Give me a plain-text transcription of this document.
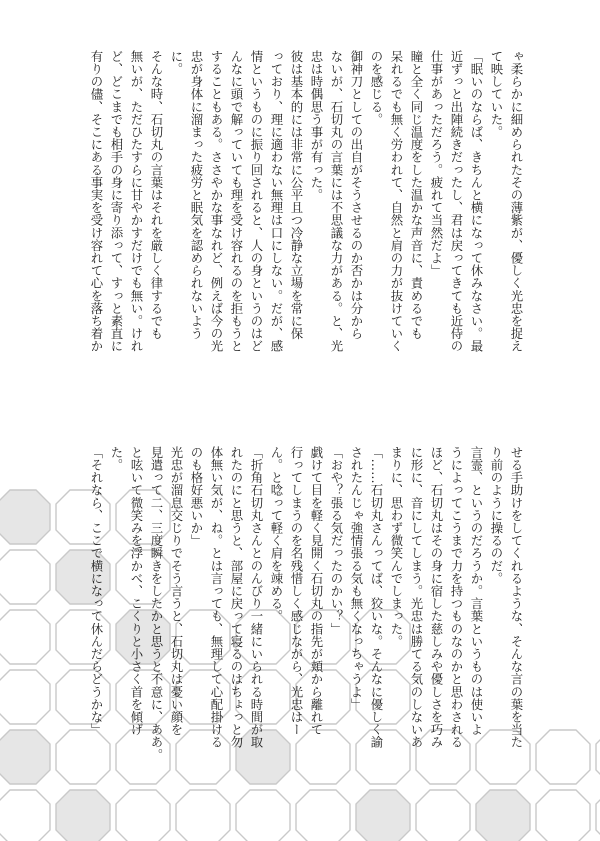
ゃ柔らかに細められたその薄紫が、優しく光忠を捉え
て映していた。
「眠いのならば、きちんと横になって休みなさい。最
近ずっと出陣続きだったし、君は戻ってきても近侍の
仕事があっただろう。疲れて当然だよ」
瞳と全く同じ温度をした温かな声音に、責めるでも
呆れるでも無く労われて、自然と肩の力が抜けていく
のを感じる。
御神刀としての出自がそうさせるのか否かは分から
ないが、石切丸の言葉には不思議な力がある。と、光
忠は時偶思う事が有った。
彼は基本的には非常に公平且つ冷静な立場を常に保
っており、理に適わない無理は口にしない。だが、感
情というものに振り回されると、人の身というのはど
んなに頭で解っていても理を受け容れるのを拒もうと
することもある。ささやかな事なれど、例えば今の光
忠が身体に溜まった疲労と眠気を認められないよう
に。
そんな時、石切丸の言葉はそれを厳しく律するでも
無いが、ただひたすらに甘やかすだけでも無い。けれ
ど、どこまでも相手の身に寄り添って、すっと素直に
有りの儘、そこにある事実を受け容れて心を落ち着か
せる手助けをしてくれるような、そんな言の葉を当た
り前のように操るのだ。
言霊、というのだろうか。言葉というものは使いよ
うによってこうまで力を持つものなのかと思わされる
ほど、石切丸はその身に宿した慈しみや優しさを巧み
に形に、音にしてしまう。光忠は勝てる気のしないあ
まりに、思わず微笑んでしまった。
「……石切丸さんってば、狡いな。そんなに優しく諭
されたんじゃ強情張る気も無くなっちゃうよ」
「おや？張る気だったのかい？」
戯けて目を軽く見開く石切丸の指先が頬から離れて
行ってしまうのを名残惜しく感じながら、光忠はー
ん。と唸って軽く肩を竦める。
「折角石切丸さんとのんびり一緒にいられる時間が取
れたのにと思うと、部屋に戻って寝るのはちょっと勿
体無い気が、ね。とは言っても、無理して心配掛ける
のも格好悪いか」
光忠が溜息交じりでそう言うと、石切丸は憂い顔を
見遣って二、三度瞬きをしたかと思うと不意に、ああ。
と呟いて微笑みを浮かべ、こくりと小さく首を傾げ
た。
「それなら、ここで横になって休んだらどうかな」
